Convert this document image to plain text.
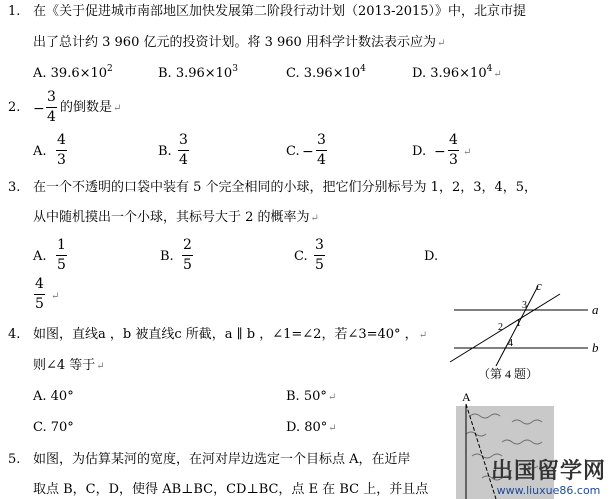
1. 在《关于促进城市南部地区加快发展第二阶段行动计划（2013-2015）》中，北京市提
出了总计约 3 960 亿元的投资计划。将 3 960 用科学计数法表示应为↵
A. $39.6\times 10^2$	B. $3.96\times 10^3$	C. $3.96\times 10^4$	D. $3.96\times 10^4↵$
2. −
3
4
的倒数是↵
A.
4
3
B.
3
4
C. −
3
4
D. −
4
3 ↵
3. 在一个不透明的口袋中装有 5 个完全相同的小球，把它们分别标号为 1，2，3，4，5，
从中随机摸出一个小球，其标号大于 2 的概率为↵
A.
1
5
B.
2
5
C.
3
5
D.
4
5 ↵
4. 如图，直线a ，b 被直线c 所截，a ∥ b ，∠1=∠2，若∠3=40° ，↵
则∠4 等于↵
A. 40°	B. 50°↵
C. 70°	D. 80°↵
c
a
b
1
2
3
4
（第 4 题）
5. 如图，为估算某河的宽度，在河对岸边选定一个目标点 A，在近岸
取点 B，C，D，使得 AB⊥BC，CD⊥BC，点 E 在 BC 上，并且点
A
出国留学网
www.liuxue86.com
